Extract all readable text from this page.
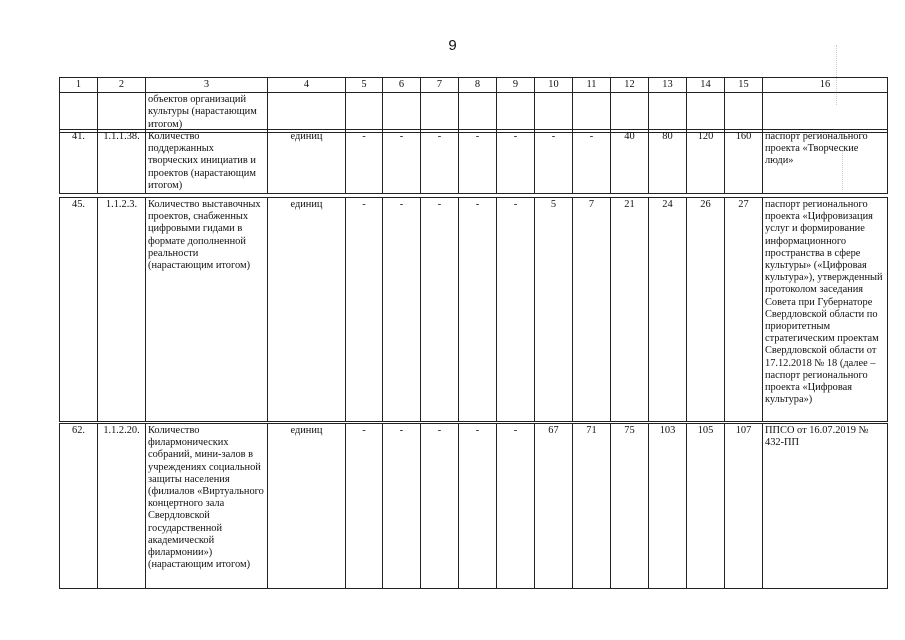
9
1	2	3	4	5	6	7	8	9	10	11	12	13	14	15	16
		объектов организаций культуры (нарастающим итогом)													
41.	1.1.1.38.	Количество поддержанных творческих инициатив и проектов (нарастающим итогом)	единиц	-	-	-	-	-	-	-	40	80	120	160	паспорт регионального проекта «Творческие люди»
45.	1.1.2.3.	Количество выставочных проектов, снабженных цифровыми гидами в формате дополненной реальности (нарастающим итогом)	единиц	-	-	-	-	-	5	7	21	24	26	27	паспорт регионального проекта «Цифровизация услуг и формирование информационного пространства в сфере культуры» («Цифровая культура»), утвержденный протоколом заседания Совета при Губернаторе Свердловской области по приоритетным стратегическим проектам Свердловской области от 17.12.2018 № 18 (далее – паспорт регионального проекта «Цифровая культура»)
62.	1.1.2.20.	Количество филармонических собраний, мини-залов в учреждениях социальной защиты населения (филиалов «Виртуального концертного зала Свердловской государственной академической филармонии») (нарастающим итогом)	единиц	-	-	-	-	-	67	71	75	103	105	107	ППСО от 16.07.2019 № 432-ПП
